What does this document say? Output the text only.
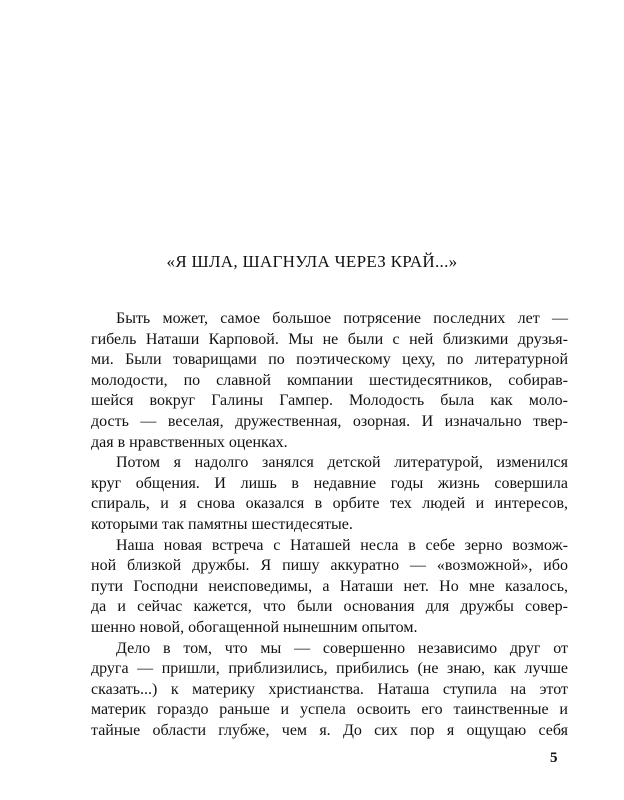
«Я ШЛА, ШАГНУЛА ЧЕРЕЗ КРАЙ...»
Быть может, самое большое потрясение последних лет —
гибель Наташи Карповой. Мы не были с ней близкими друзья-
ми. Были товарищами по поэтическому цеху, по литературной
молодости, по славной компании шестидесятников, собирав-
шейся вокруг Галины Гампер. Молодость была как моло-
дость — веселая, дружественная, озорная. И изначально твер-
дая в нравственных оценках.
Потом я надолго занялся детской литературой, изменился
круг общения. И лишь в недавние годы жизнь совершила
спираль, и я снова оказался в орбите тех людей и интересов,
которыми так памятны шестидесятые.
Наша новая встреча с Наташей несла в себе зерно возмож-
ной близкой дружбы. Я пишу аккуратно — «возможной», ибо
пути Господни неисповедимы, а Наташи нет. Но мне казалось,
да и сейчас кажется, что были основания для дружбы совер-
шенно новой, обогащенной нынешним опытом.
Дело в том, что мы — совершенно независимо друг от
друга — пришли, приблизились, прибились (не знаю, как лучше
сказать...) к материку христианства. Наташа ступила на этот
материк гораздо раньше и успела освоить его таинственные и
тайные области глубже, чем я. До сих пор я ощущаю себя
5
